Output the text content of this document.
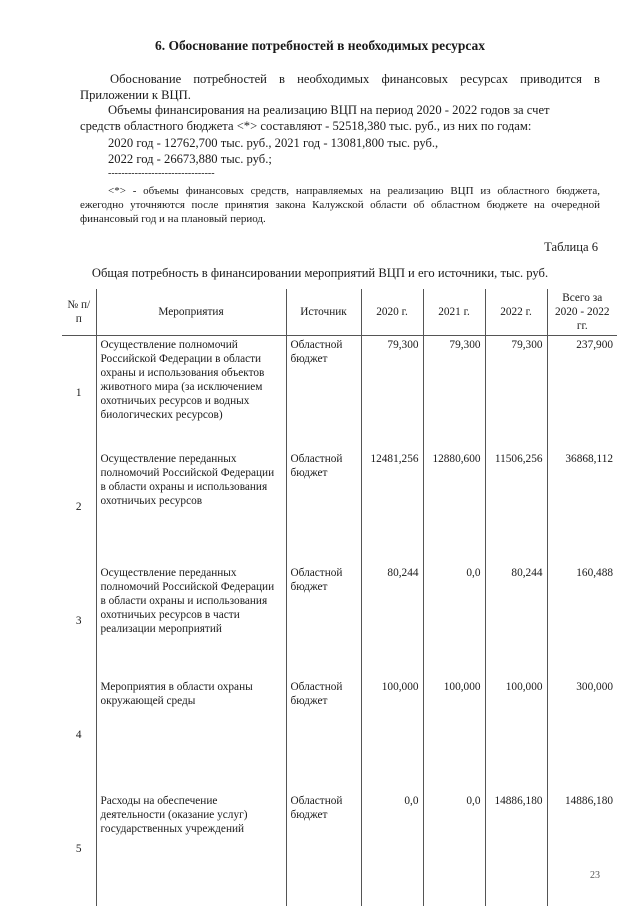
6. Обоснование потребностей в необходимых ресурсах
Обоснование потребностей в необходимых финансовых ресурсах приводится в Приложении к ВЦП.
Объемы финансирования на реализацию ВЦП на период 2020 - 2022 годов за счет
средств областного бюджета <*> составляют - 52518,380 тыс. руб., из них по годам:
2020 год - 12762,700 тыс. руб., 2021 год - 13081,800 тыс. руб.,
2022 год - 26673,880 тыс. руб.;
--------------------------------
<*> - объемы финансовых средств, направляемых на реализацию ВЦП из областного бюджета, ежегодно уточняются после принятия закона Калужской области об областном бюджете на очередной финансовый год и на плановый период.
Таблица 6
Общая потребность в финансировании мероприятий ВЦП и его источники, тыс. руб.
№ п/п	Мероприятия	Источник	2020 г.	2021 г.	2022 г.	Всего за 2020 - 2022 гг.
1	Осуществление полномочий Российской Федерации в области охраны и использования объектов животного мира (за исключением охотничьих ресурсов и водных биологических ресурсов)	Областной бюджет	79,300	79,300	79,300	237,900
2	Осуществление переданных полномочий Российской Федерации в области охраны и использования охотничьих ресурсов	Областной бюджет	12481,256	12880,600	11506,256	36868,112
3	Осуществление переданных полномочий Российской Федерации в области охраны и использования охотничьих ресурсов в части реализации мероприятий	Областной бюджет	80,244	0,0	80,244	160,488
4	Мероприятия в области охраны окружающей среды	Областной бюджет	100,000	100,000	100,000	300,000
5	Расходы на обеспечение деятельности (оказание услуг) государственных учреждений	Областной бюджет	0,0	0,0	14886,180	14886,180
23
